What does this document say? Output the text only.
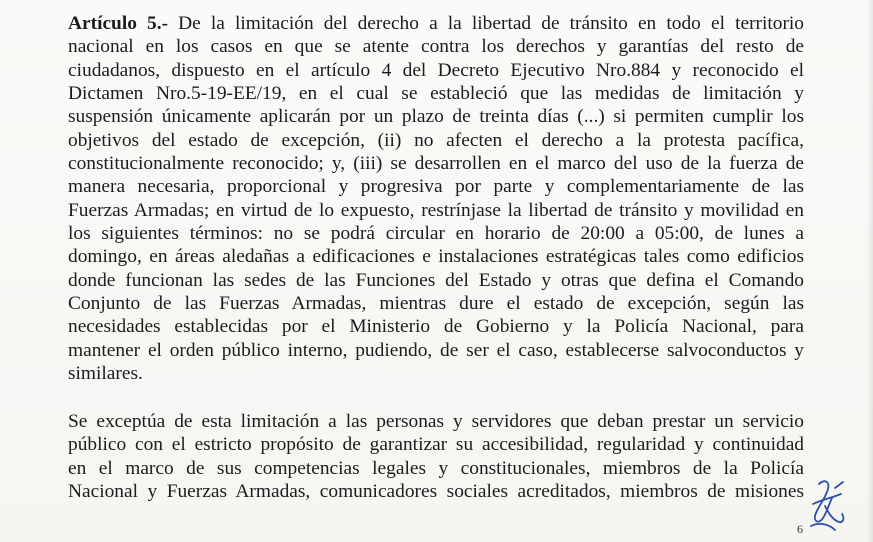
Artículo 5.- De la limitación del derecho a la libertad de tránsito en todo el territorio
nacional en los casos en que se atente contra los derechos y garantías del resto de
ciudadanos, dispuesto en el artículo 4 del Decreto Ejecutivo Nro.884 y reconocido el
Dictamen Nro.5-19-EE/19, en el cual se estableció que las medidas de limitación y
suspensión únicamente aplicarán por un plazo de treinta días (...) si permiten cumplir los
objetivos del estado de excepción, (ii) no afecten el derecho a la protesta pacífica,
constitucionalmente reconocido; y, (iii) se desarrollen en el marco del uso de la fuerza de
manera necesaria, proporcional y progresiva por parte y complementariamente de las
Fuerzas Armadas; en virtud de lo expuesto, restrínjase la libertad de tránsito y movilidad en
los siguientes términos: no se podrá circular en horario de 20:00 a 05:00, de lunes a
domingo, en áreas aledañas a edificaciones e instalaciones estratégicas tales como edificios
donde funcionan las sedes de las Funciones del Estado y otras que defina el Comando
Conjunto de las Fuerzas Armadas, mientras dure el estado de excepción, según las
necesidades establecidas por el Ministerio de Gobierno y la Policía Nacional, para
mantener el orden público interno, pudiendo, de ser el caso, establecerse salvoconductos y
similares.

Se exceptúa de esta limitación a las personas y servidores que deban prestar un servicio
público con el estricto propósito de garantizar su accesibilidad, regularidad y continuidad
en el marco de sus competencias legales y constitucionales, miembros de la Policía
Nacional y Fuerzas Armadas, comunicadores sociales acreditados, miembros de misiones

6
